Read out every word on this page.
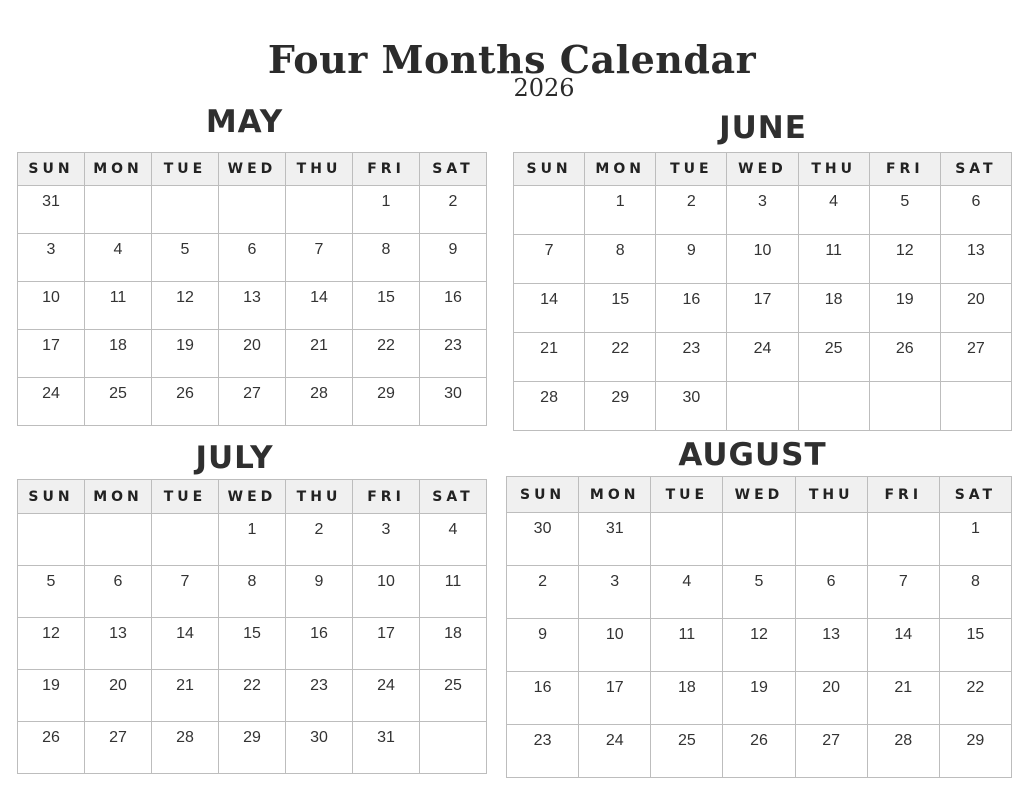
Four Months Calendar
2026
MAY
SUN	MON	TUE	WED	THU	FRI	SAT

31					1	2

3	4	5	6	7	8	9

10	11	12	13	14	15	16

17	18	19	20	21	22	23

24	25	26	27	28	29	30
JUNE
SUN	MON	TUE	WED	THU	FRI	SAT

	1	2	3	4	5	6

7	8	9	10	11	12	13

14	15	16	17	18	19	20

21	22	23	24	25	26	27

28	29	30				

JULY
SUN	MON	TUE	WED	THU	FRI	SAT

			1	2	3	4

5	6	7	8	9	10	11

12	13	14	15	16	17	18

19	20	21	22	23	24	25

26	27	28	29	30	31	

AUGUST
SUN	MON	TUE	WED	THU	FRI	SAT

30	31					1

2	3	4	5	6	7	8

9	10	11	12	13	14	15

16	17	18	19	20	21	22

23	24	25	26	27	28	29
